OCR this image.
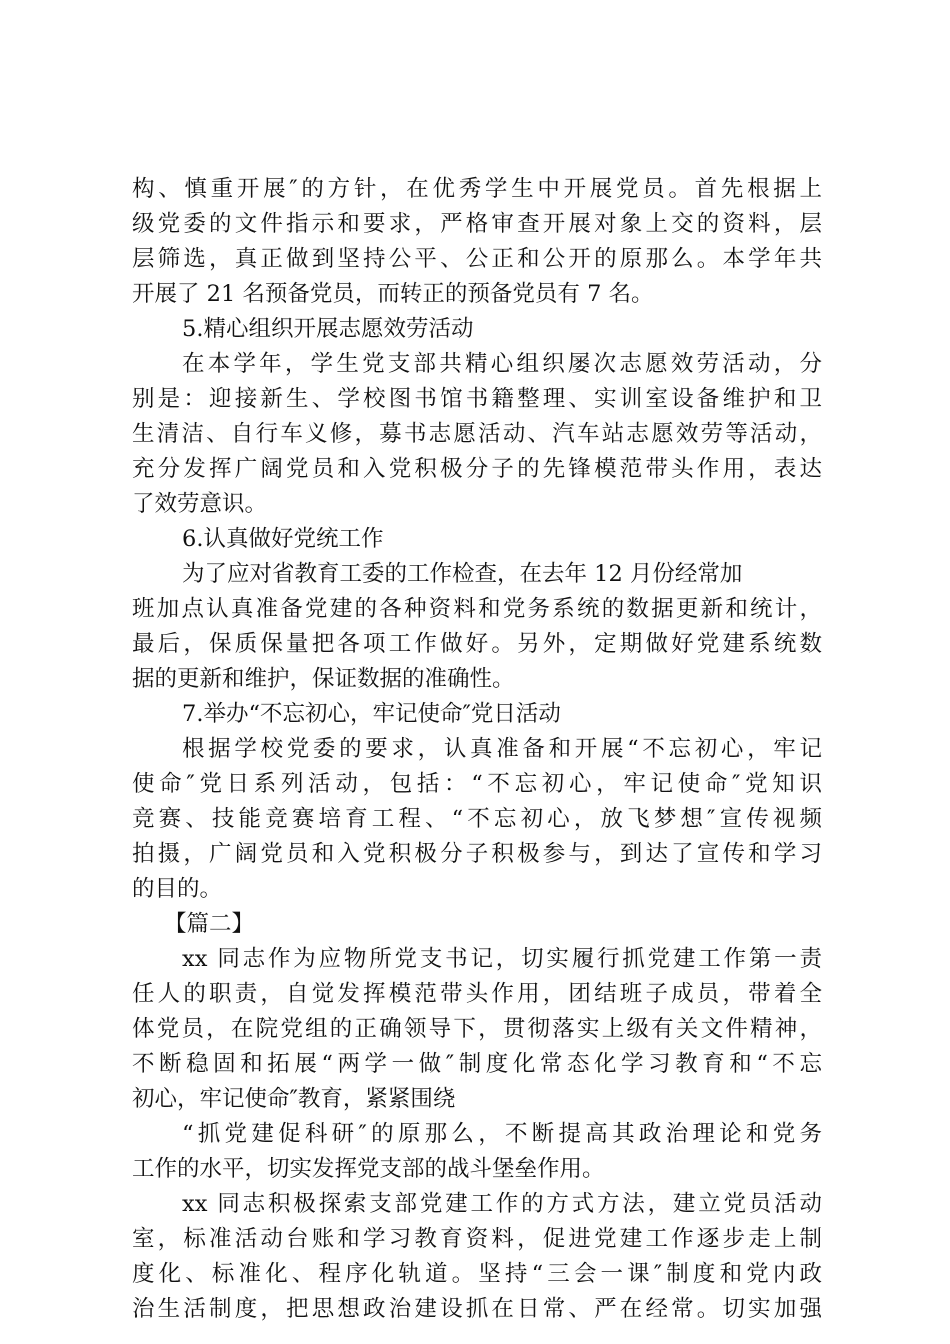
构、慎重开展″的方针，在优秀学生中开展党员。首先根据上
级党委的文件指示和要求，严格审查开展对象上交的资料，层
层筛选，真正做到坚持公平、公正和公开的原那么。本学年共
开展了 21 名预备党员，而转正的预备党员有 7 名。
5.精心组织开展志愿效劳活动
在本学年，学生党支部共精心组织屡次志愿效劳活动，分
别是：迎接新生、学校图书馆书籍整理、实训室设备维护和卫
生清洁、自行车义修，募书志愿活动、汽车站志愿效劳等活动，
充分发挥广阔党员和入党积极分子的先锋模范带头作用，表达
了效劳意识。
6.认真做好党统工作
为了应对省教育工委的工作检查，在去年 12 月份经常加
班加点认真准备党建的各种资料和党务系统的数据更新和统计，
最后，保质保量把各项工作做好。另外，定期做好党建系统数
据的更新和维护，保证数据的准确性。
7.举办“不忘初心，牢记使命″党日活动
根据学校党委的要求，认真准备和开展“不忘初心，牢记
使命″党日系列活动，包括：“不忘初心，牢记使命″党知识
竞赛、技能竞赛培育工程、“不忘初心，放飞梦想″宣传视频
拍摄，广阔党员和入党积极分子积极参与，到达了宣传和学习
的目的。
【篇二】
xx 同志作为应物所党支书记，切实履行抓党建工作第一责
任人的职责，自觉发挥模范带头作用，团结班子成员，带着全
体党员，在院党组的正确领导下，贯彻落实上级有关文件精神，
不断稳固和拓展“两学一做″制度化常态化学习教育和“不忘
初心，牢记使命″教育，紧紧围绕
“抓党建促科研″的原那么，不断提高其政治理论和党务
工作的水平，切实发挥党支部的战斗堡垒作用。
xx 同志积极探索支部党建工作的方式方法，建立党员活动
室，标准活动台账和学习教育资料，促进党建工作逐步走上制
度化、标准化、程序化轨道。坚持“三会一课″制度和党内政
治生活制度，把思想政治建设抓在日常、严在经常。切实加强
